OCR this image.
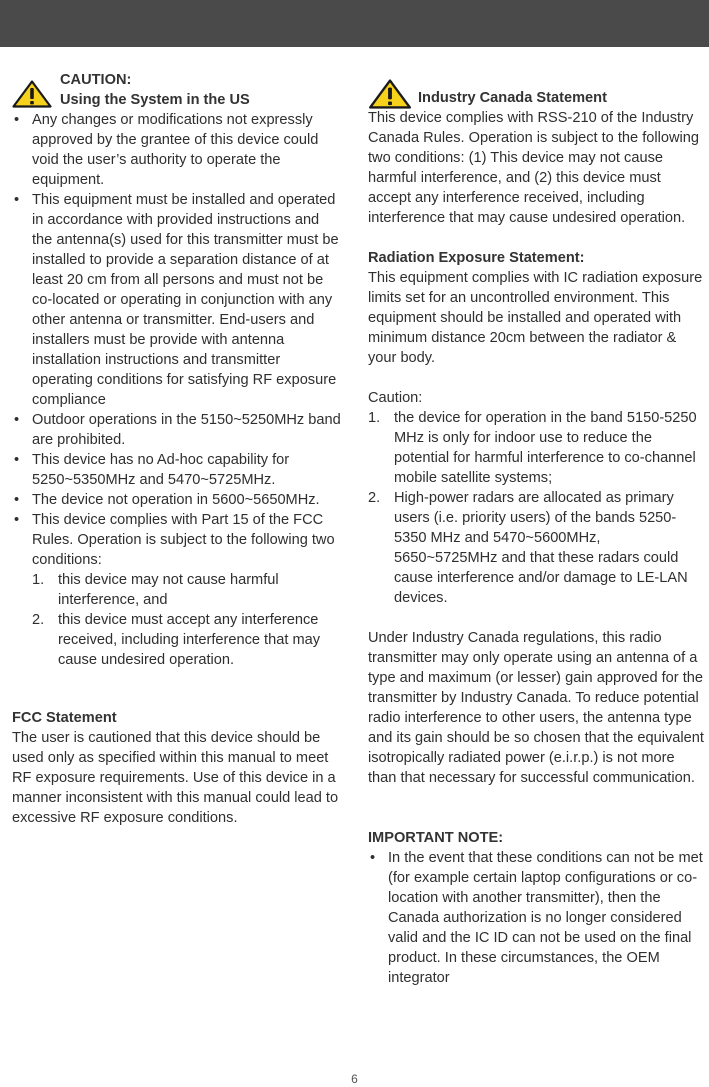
CAUTION:

Using the System in the US

• Any changes or modifications not expressly approved by the grantee of this device could void the user’s authority to operate the equipment.
• This equipment must be installed and operated in accordance with provided instructions and the antenna(s) used for this transmitter must be installed to provide a separation distance of at least 20 cm from all persons and must not be co-located or operating in conjunction with any other antenna or transmitter. End-users and installers must be provide with antenna installation instructions and transmitter operating conditions for satisfying RF exposure compliance
• Outdoor operations in the 5150~5250MHz band are prohibited.
• This device has no Ad-hoc capability for 5250~5350MHz and 5470~5725MHz.
• The device not operation in 5600~5650MHz.
• This device complies with Part 15 of the FCC Rules. Operation is subject to the following two conditions:
1. this device may not cause harmful interference, and
2. this device must accept any interference received, including interference that may cause undesired operation.

FCC Statement

The user is cautioned that this device should be used only as specified within this manual to meet RF exposure requirements. Use of this device in a manner inconsistent with this manual could lead to excessive RF exposure conditions.

Industry Canada Statement

This device complies with RSS-210 of the Industry Canada Rules. Operation is subject to the following two conditions: (1) This device may not cause harmful interference, and (2) this device must accept any interference received, including interference that may cause undesired operation.

Radiation Exposure Statement:

This equipment complies with IC radiation exposure limits set for an uncontrolled environment. This equipment should be installed and operated with minimum distance 20cm between the radiator & your body.

Caution:

1. the device for operation in the band 5150-5250 MHz is only for indoor use to reduce the potential for harmful interference to co-channel mobile satellite systems;
2. High-power radars are allocated as primary users (i.e. priority users) of the bands 5250-5350 MHz and 5470~5600MHz, 5650~5725MHz and that these radars could cause interference and/or damage to LE-LAN devices.

Under Industry Canada regulations, this radio transmitter may only operate using an antenna of a type and maximum (or lesser) gain approved for the transmitter by Industry Canada. To reduce potential radio interference to other users, the antenna type and its gain should be so chosen that the equivalent isotropically radiated power (e.i.r.p.) is not more than that necessary for successful communication.

IMPORTANT NOTE:

• In the event that these conditions can not be met (for example certain laptop configurations or co-location with another transmitter), then the Canada authorization is no longer considered valid and the IC ID can not be used on the final product. In these circumstances, the OEM integrator
6
